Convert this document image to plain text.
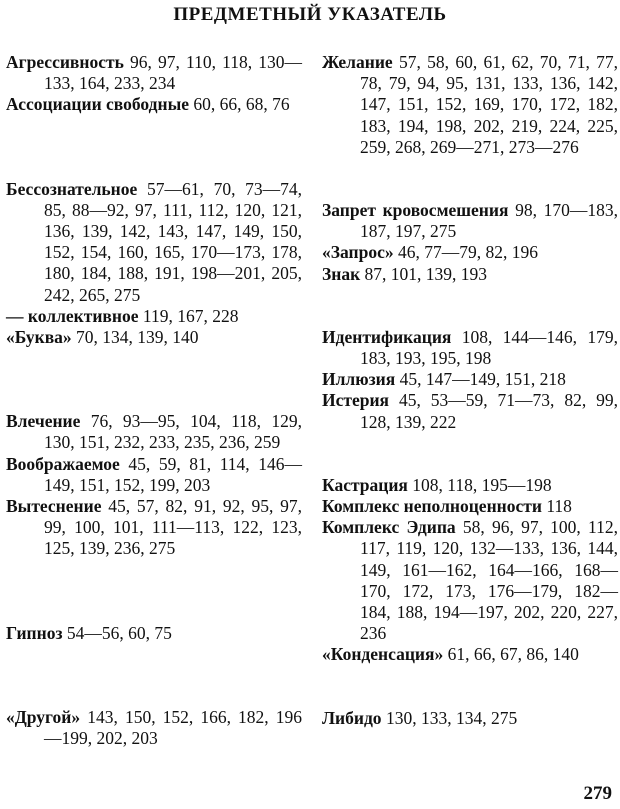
ПРЕДМЕТНЫЙ УКАЗАТЕЛЬ

Агрессивность 96, 97, 110, 118, 130—133, 164, 233, 234

Ассоциации свободные 60, 66, 68, 76

Бессознательное 57—61, 70, 73—74, 85, 88—92, 97, 111, 112, 120, 121, 136, 139, 142, 143, 147, 149, 150, 152, 154, 160, 165, 170—173, 178, 180, 184, 188, 191, 198—201, 205, 242, 265, 275

— коллективное 119, 167, 228

«Буква» 70, 134, 139, 140

Влечение 76, 93—95, 104, 118, 129, 130, 151, 232, 233, 235, 236, 259

Воображаемое 45, 59, 81, 114, 146—149, 151, 152, 199, 203

Вытеснение 45, 57, 82, 91, 92, 95, 97, 99, 100, 101, 111—113, 122, 123, 125, 139, 236, 275

Гипноз 54—56, 60, 75

«Другой» 143, 150, 152, 166, 182, 196—199, 202, 203

Желание 57, 58, 60, 61, 62, 70, 71, 77, 78, 79, 94, 95, 131, 133, 136, 142, 147, 151, 152, 169, 170, 172, 182, 183, 194, 198, 202, 219, 224, 225, 259, 268, 269—271, 273—276

Запрет кровосмешения 98, 170—183, 187, 197, 275

«Запрос» 46, 77—79, 82, 196

Знак 87, 101, 139, 193

Идентификация 108, 144—146, 179, 183, 193, 195, 198

Иллюзия 45, 147—149, 151, 218

Истерия 45, 53—59, 71—73, 82, 99, 128, 139, 222

Кастрация 108, 118, 195—198

Комплекс неполноценности 118

Комплекс Эдипа 58, 96, 97, 100, 112, 117, 119, 120, 132—133, 136, 144, 149, 161—162, 164—166, 168—170, 172, 173, 176—179, 182—184, 188, 194—197, 202, 220, 227, 236

«Конденсация» 61, 66, 67, 86, 140

Либидо 130, 133, 134, 275

279
